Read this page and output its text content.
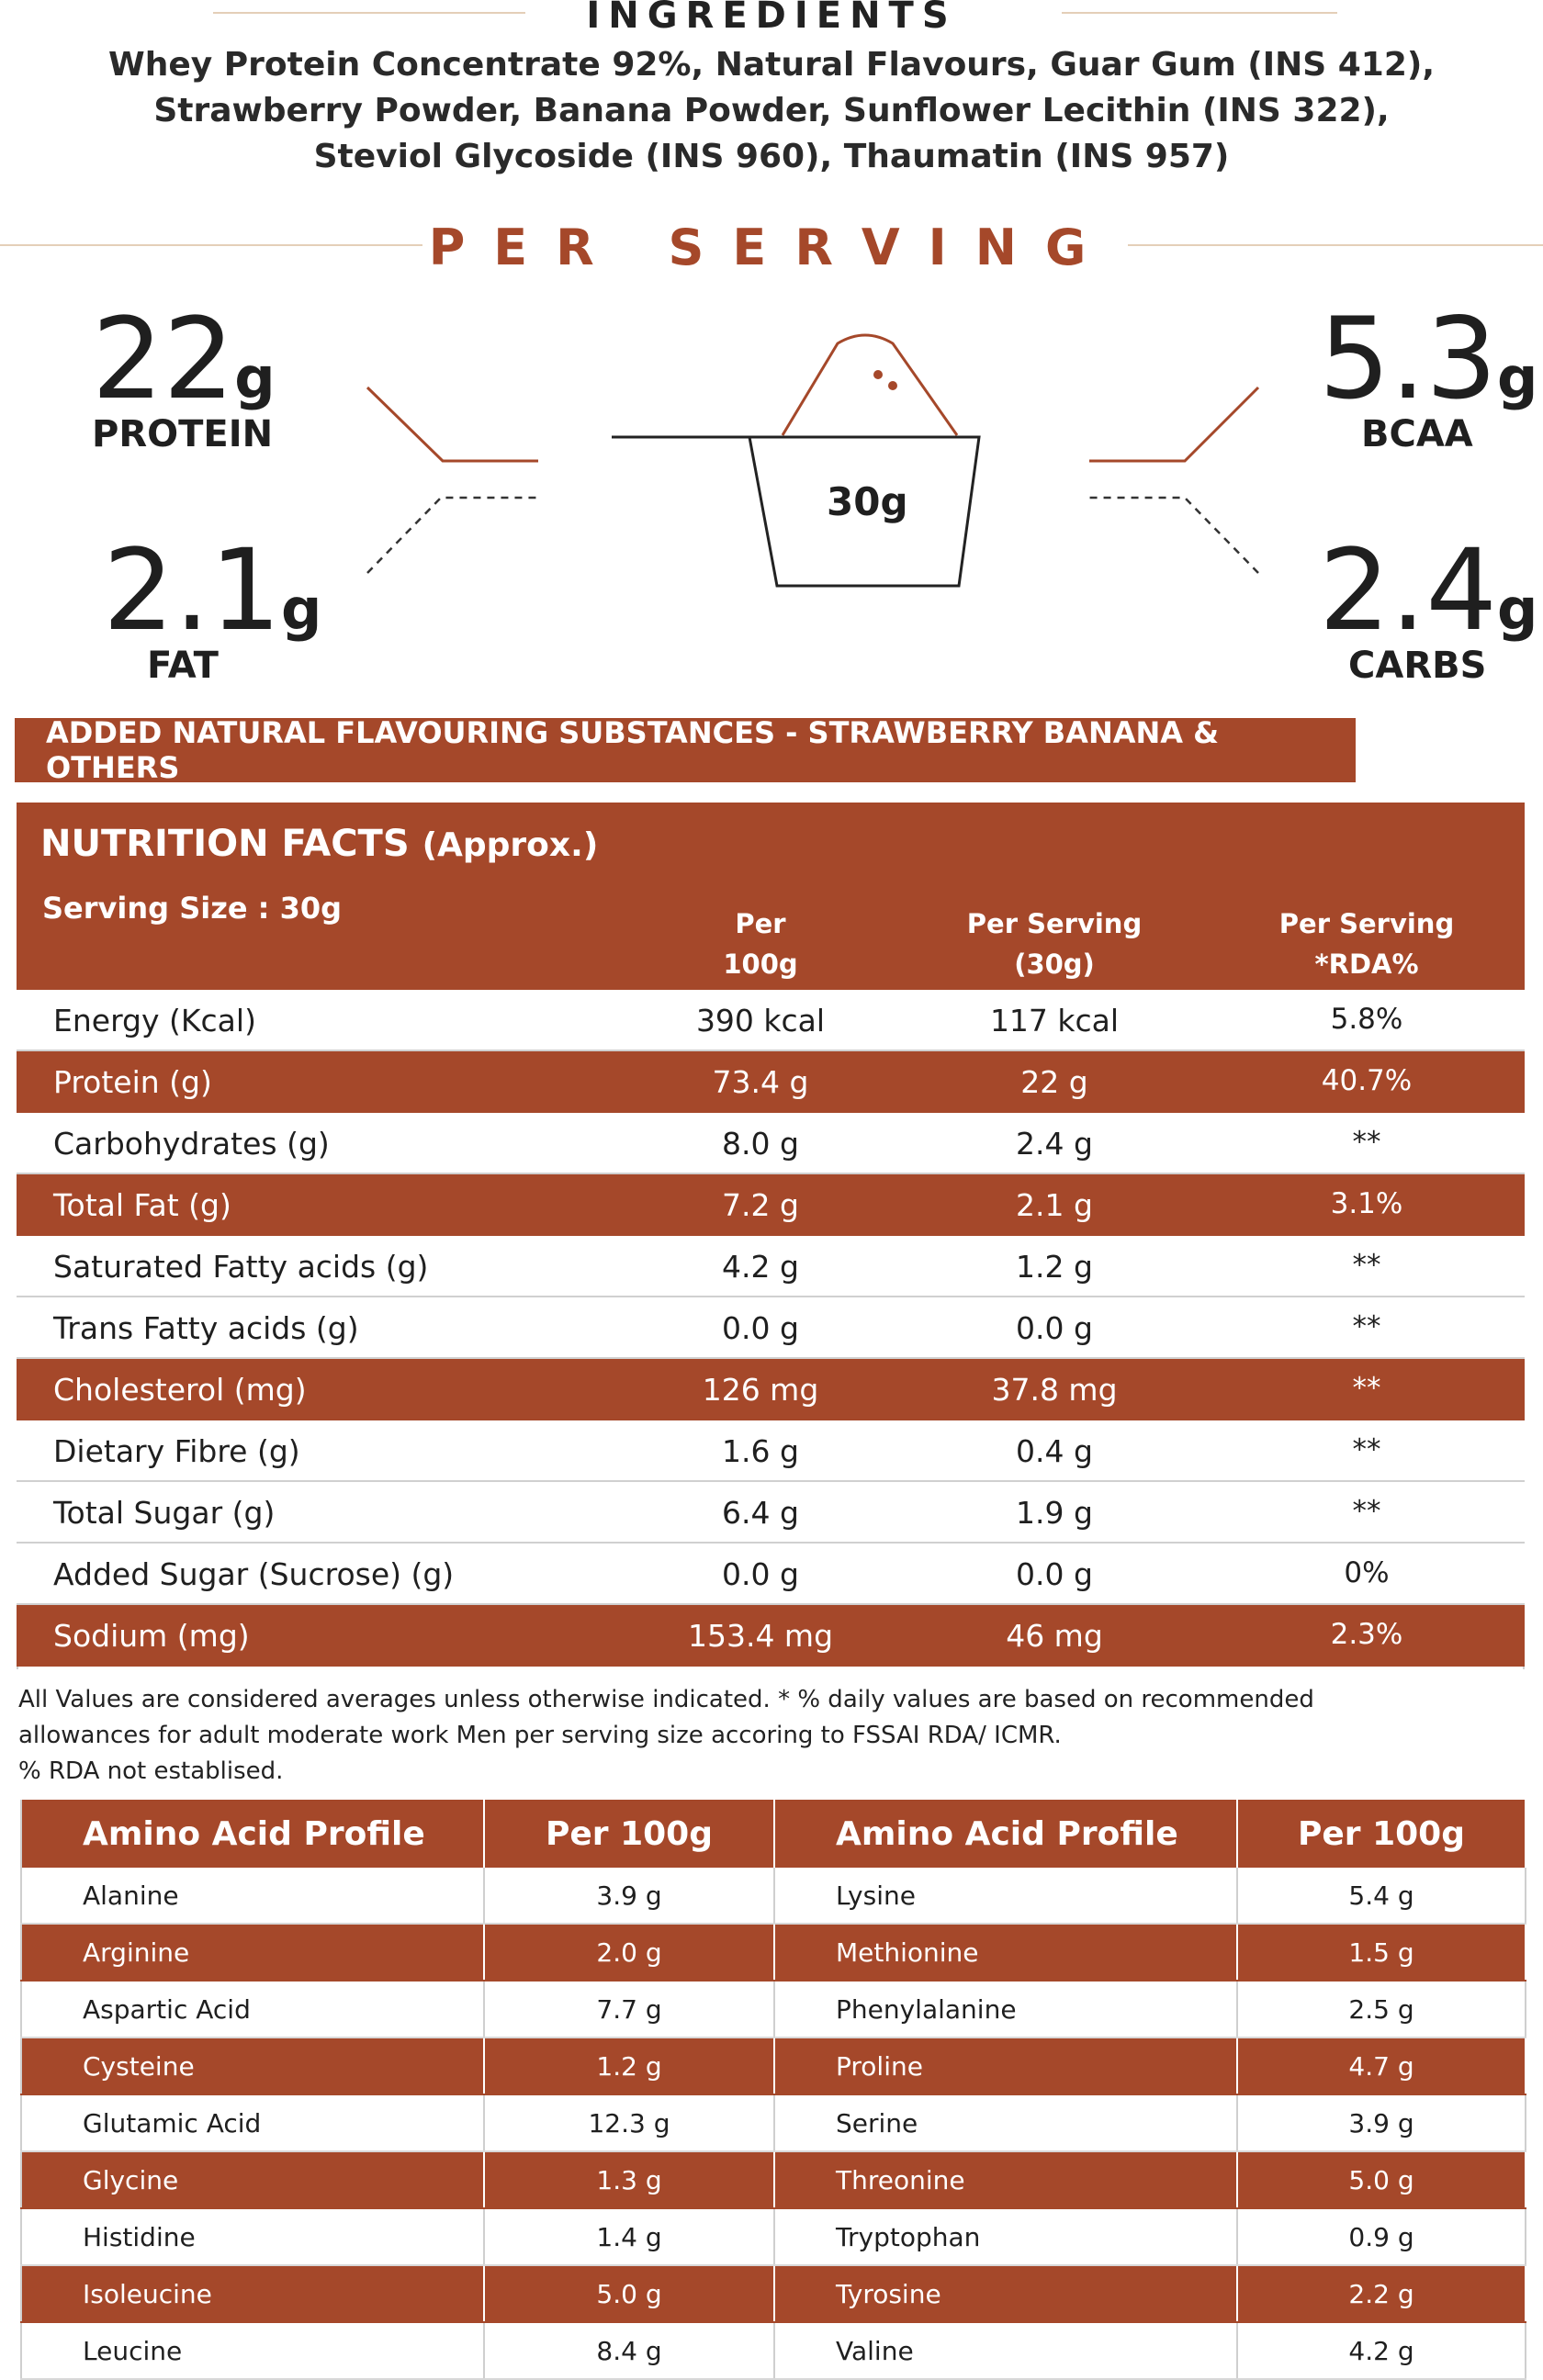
INGREDIENTS
Whey Protein Concentrate 92%, Natural Flavours, Guar Gum (INS 412),
Strawberry Powder, Banana Powder, Sunflower Lecithin (INS 322),
Steviol Glycoside (INS 960), Thaumatin (INS 957)
PER SERVING
22g
PROTEIN
2.1g
FAT
5.3g
BCAA
2.4g
CARBS
30g
ADDED NATURAL FLAVOURING SUBSTANCES - STRAWBERRY BANANA & OTHERS
NUTRITION FACTS (Approx.)
Serving Size : 30g	Per
100g
Per Serving
(30g)
Per Serving
*RDA%
Energy (Kcal)	390 kcal	117 kcal	5.8%
Protein (g)	73.4 g	22 g	40.7%
Carbohydrates (g)	8.0 g	2.4 g	**
Total Fat (g)	7.2 g	2.1 g	3.1%
Saturated Fatty acids (g)	4.2 g	1.2 g	**
Trans Fatty acids (g)	0.0 g	0.0 g	**
Cholesterol (mg)	126 mg	37.8 mg	**
Dietary Fibre (g)	1.6 g	0.4 g	**
Total Sugar (g)	6.4 g	1.9 g	**
Added Sugar (Sucrose) (g)	0.0 g	0.0 g	0%
Sodium (mg)	153.4 mg	46 mg	2.3%
All Values are considered averages unless otherwise indicated. * % daily values are based on recommended
allowances for adult moderate work Men per serving size accoring to FSSAI RDA/ ICMR.
% RDA not establised.
Amino Acid Profile	Per 100g	Amino Acid Profile	Per 100g
Alanine	3.9 g	Lysine	5.4 g
Arginine	2.0 g	Methionine	1.5 g
Aspartic Acid	7.7 g	Phenylalanine	2.5 g
Cysteine	1.2 g	Proline	4.7 g
Glutamic Acid	12.3 g	Serine	3.9 g
Glycine	1.3 g	Threonine	5.0 g
Histidine	1.4 g	Tryptophan	0.9 g
Isoleucine	5.0 g	Tyrosine	2.2 g
Leucine	8.4 g	Valine	4.2 g
